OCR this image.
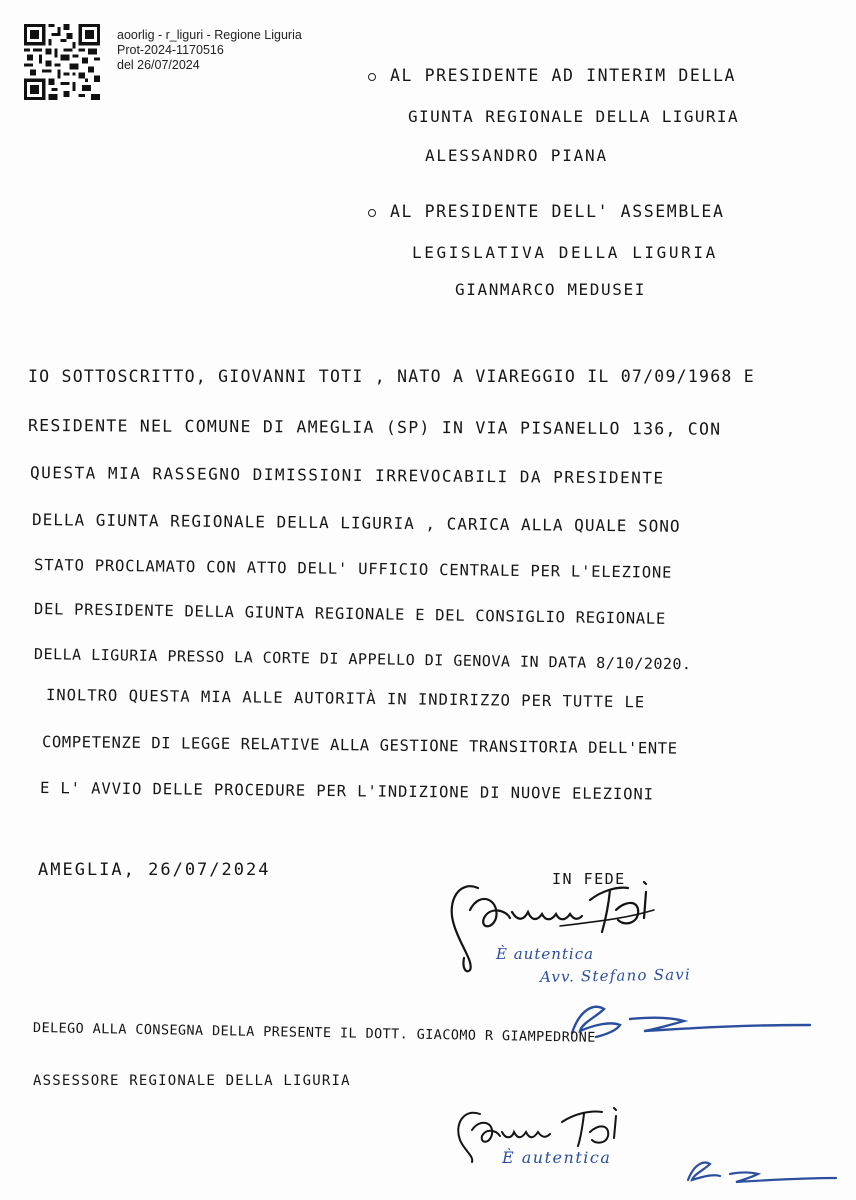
aoorlig - r_liguri - Regione Liguria
Prot-2024-1170516
del 26/07/2024
AL PRESIDENTE AD INTERIM DELLA
GIUNTA REGIONALE DELLA LIGURIA
ALESSANDRO PIANA
AL PRESIDENTE DELL' ASSEMBLEA
LEGISLATIVA DELLA LIGURIA
GIANMARCO MEDUSEI
IO SOTTOSCRITTO, GIOVANNI TOTI , NATO A VIAREGGIO IL 07/09/1968 E
RESIDENTE NEL COMUNE DI AMEGLIA (SP) IN VIA PISANELLO 136, CON
QUESTA MIA RASSEGNO DIMISSIONI IRREVOCABILI DA PRESIDENTE
DELLA GIUNTA REGIONALE DELLA LIGURIA , CARICA ALLA QUALE SONO
STATO PROCLAMATO CON ATTO DELL' UFFICIO CENTRALE PER L'ELEZIONE
DEL PRESIDENTE DELLA GIUNTA REGIONALE E DEL CONSIGLIO REGIONALE
DELLA LIGURIA PRESSO LA CORTE DI APPELLO DI GENOVA IN DATA 8/10/2020.
INOLTRO QUESTA MIA ALLE AUTORITÀ IN INDIRIZZO PER TUTTE LE
COMPETENZE DI LEGGE RELATIVE ALLA GESTIONE TRANSITORIA DELL'ENTE
E L' AVVIO DELLE PROCEDURE PER L'INDIZIONE DI NUOVE ELEZIONI
AMEGLIA, 26/07/2024	IN FEDE
Giovanni Toti
È autentica
Avv. Stefano Savi
DELEGO ALLA CONSEGNA DELLA PRESENTE IL DOTT. GIACOMO R GIAMPEDRONE
ASSESSORE REGIONALE DELLA LIGURIA
È autentica
